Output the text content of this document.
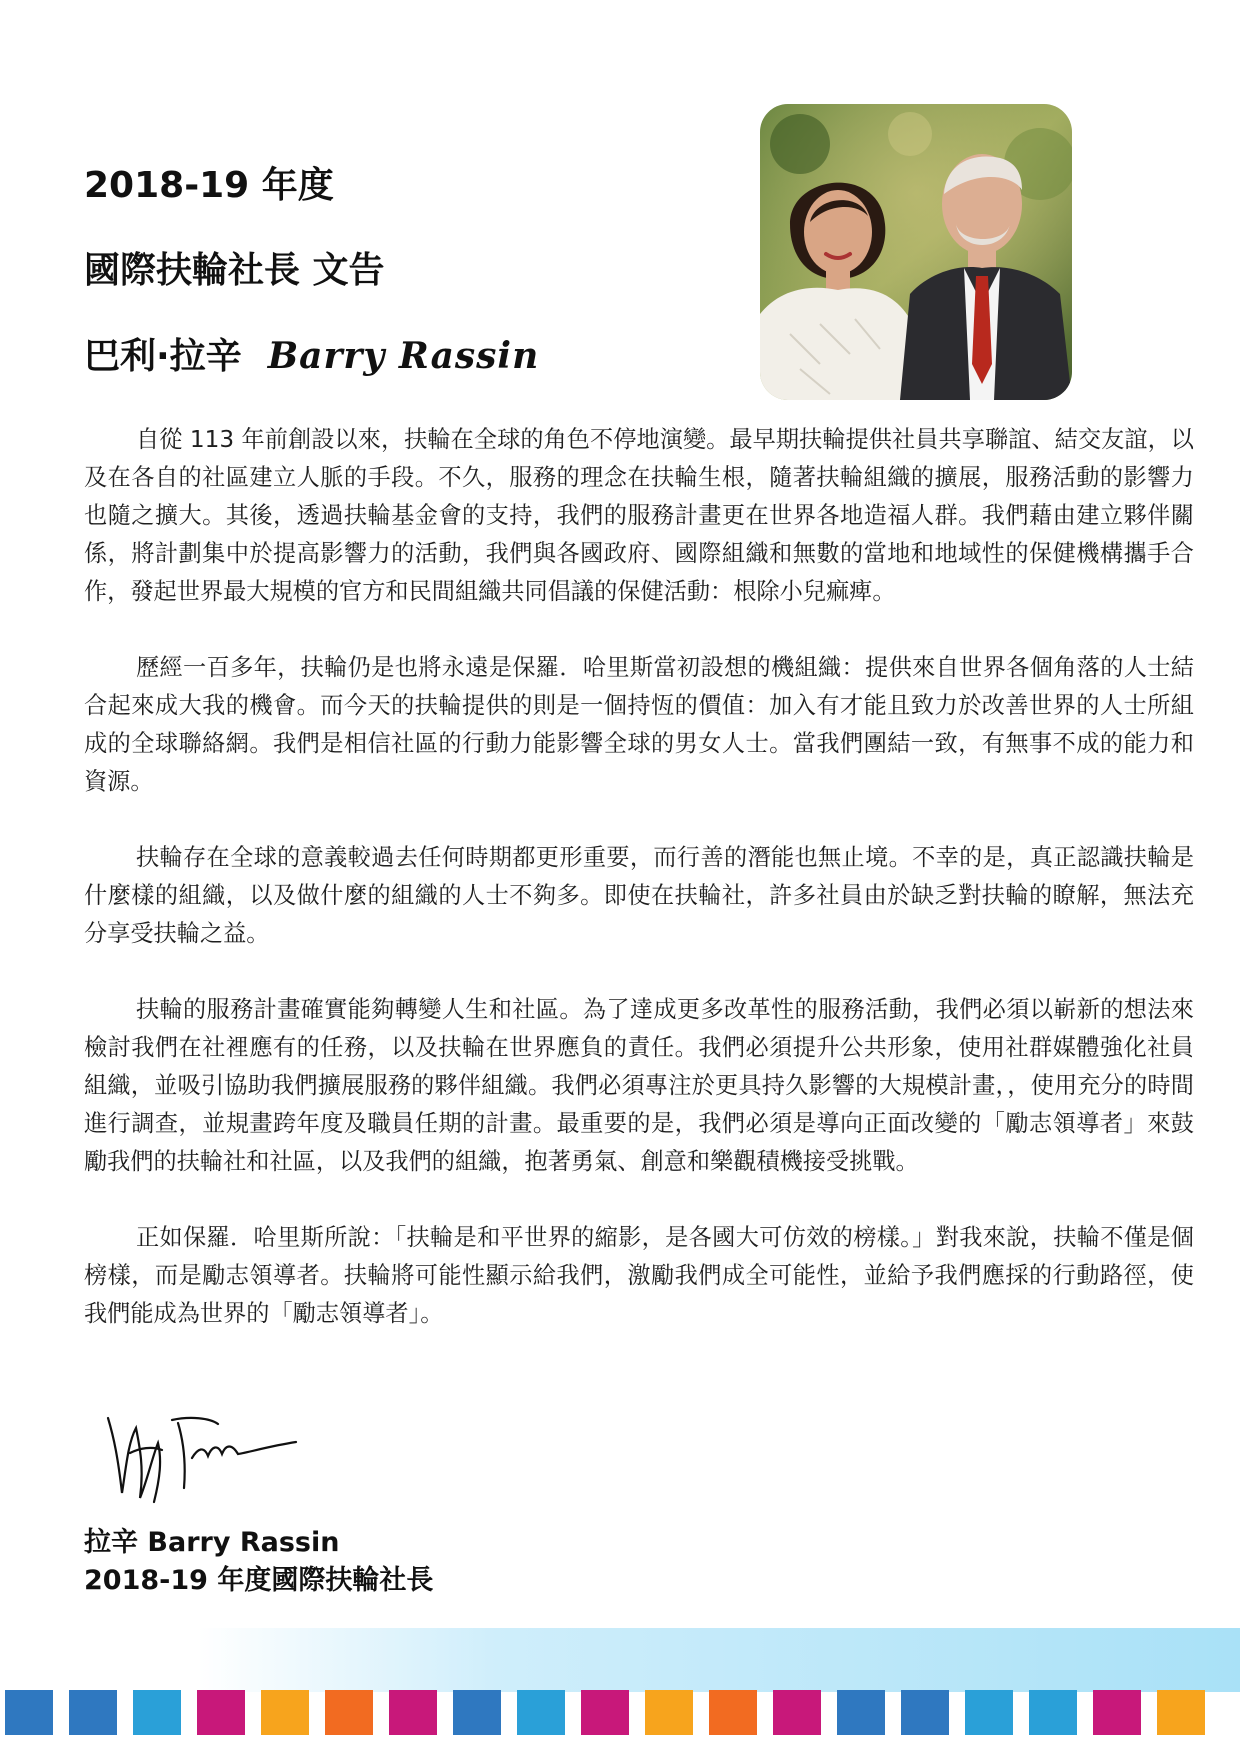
2018-19 年度
國際扶輪社長 文告
巴利·拉辛 Barry Rassin

自從 113 年前創設以來，扶輪在全球的角色不停地演變。最早期扶輪提供社員共享聯誼、結交友誼，以及在各自的社區建立人脈的手段。不久，服務的理念在扶輪生根，隨著扶輪組織的擴展，服務活動的影響力也隨之擴大。其後，透過扶輪基金會的支持，我們的服務計畫更在世界各地造福人群。我們藉由建立夥伴關係，將計劃集中於提高影響力的活動，我們與各國政府、國際組織和無數的當地和地域性的保健機構攜手合作，發起世界最大規模的官方和民間組織共同倡議的保健活動：根除小兒痲痺。

歷經一百多年，扶輪仍是也將永遠是保羅．哈里斯當初設想的機組織：提供來自世界各個角落的人士結合起來成大我的機會。而今天的扶輪提供的則是一個持恆的價值：加入有才能且致力於改善世界的人士所組成的全球聯絡網。我們是相信社區的行動力能影響全球的男女人士。當我們團結一致，有無事不成的能力和資源。

扶輪存在全球的意義較過去任何時期都更形重要，而行善的潛能也無止境。不幸的是，真正認識扶輪是什麼樣的組織，以及做什麼的組織的人士不夠多。即使在扶輪社，許多社員由於缺乏對扶輪的瞭解，無法充分享受扶輪之益。

扶輪的服務計畫確實能夠轉變人生和社區。為了達成更多改革性的服務活動，我們必須以嶄新的想法來檢討我們在社裡應有的任務，以及扶輪在世界應負的責任。我們必須提升公共形象，使用社群媒體強化社員組織，並吸引協助我們擴展服務的夥伴組織。我們必須專注於更具持久影響的大規模計畫，，使用充分的時間進行調查，並規畫跨年度及職員任期的計畫。最重要的是，我們必須是導向正面改變的「勵志領導者」來鼓勵我們的扶輪社和社區，以及我們的組織，抱著勇氣、創意和樂觀積機接受挑戰。

正如保羅．哈里斯所說：「扶輪是和平世界的縮影，是各國大可仿效的榜樣。」對我來說，扶輪不僅是個榜樣，而是勵志領導者。扶輪將可能性顯示給我們，激勵我們成全可能性，並給予我們應採的行動路徑，使我們能成為世界的「勵志領導者」。

拉辛 Barry Rassin
2018-19 年度國際扶輪社長
